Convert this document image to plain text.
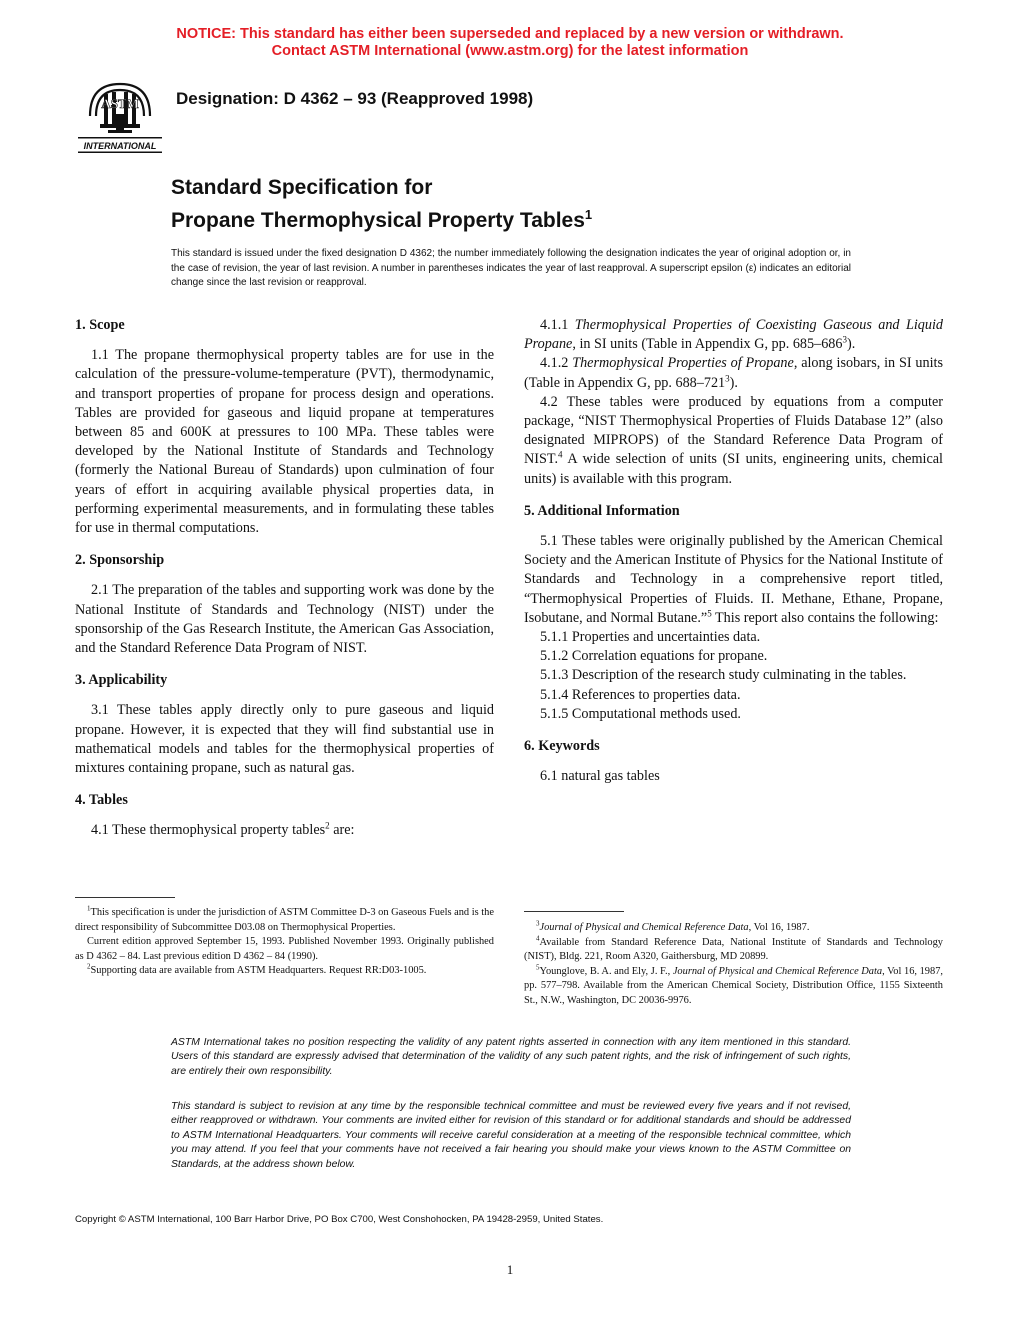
NOTICE: This standard has either been superseded and replaced by a new version or withdrawn.
Contact ASTM International (www.astm.org) for the latest information
ASTM
INTERNATIONAL
Designation: D 4362 – 93 (Reapproved 1998)
Standard Specification for
Propane Thermophysical Property Tables$^1$
This standard is issued under the fixed designation D 4362; the number immediately following the designation indicates the year of original adoption or, in the case of revision, the year of last revision. A number in parentheses indicates the year of last reapproval. A superscript epsilon (ε) indicates an editorial change since the last revision or reapproval.
1. Scope

1.1 The propane thermophysical property tables are for use in the calculation of the pressure-volume-temperature (PVT), thermodynamic, and transport properties of propane for process design and operations. Tables are provided for gaseous and liquid propane at temperatures between 85 and 600K at pressures to 100 MPa. These tables were developed by the National Institute of Standards and Technology (formerly the National Bureau of Standards) upon culmination of four years of effort in acquiring available physical properties data, in performing experimental measurements, and in formulating these tables for use in thermal computations.

2. Sponsorship

2.1 The preparation of the tables and supporting work was done by the National Institute of Standards and Technology (NIST) under the sponsorship of the Gas Research Institute, the American Gas Association, and the Standard Reference Data Program of NIST.

3. Applicability

3.1 These tables apply directly only to pure gaseous and liquid propane. However, it is expected that they will find substantial use in mathematical models and tables for the thermophysical properties of mixtures containing propane, such as natural gas.

4. Tables

4.1 These thermophysical property tables$^2$ are:

4.1.1 Thermophysical Properties of Coexisting Gaseous and Liquid Propane, in SI units (Table in Appendix G, pp. $685-686^3$).

4.1.2 Thermophysical Properties of Propane, along isobars, in SI units (Table in Appendix G, pp. $688-721^3$).

4.2 These tables were produced by equations from a computer package, “NIST Thermophysical Properties of Fluids Database 12” (also designated MIPROPS) of the Standard Reference Data Program of NIST.$^4$ A wide selection of units (SI units, engineering units, chemical units) is available with this program.

5. Additional Information

5.1 These tables were originally published by the American Chemical Society and the American Institute of Physics for the National Institute of Standards and Technology in a comprehensive report titled, “Thermophysical Properties of Fluids. II. Methane, Ethane, Propane, Isobutane, and Normal Butane.”$^5$ This report also contains the following:

5.1.1 Properties and uncertainties data.

5.1.2 Correlation equations for propane.

5.1.3 Description of the research study culminating in the tables.

5.1.4 References to properties data.

5.1.5 Computational methods used.

6. Keywords

6.1 natural gas tables

$^1$This specification is under the jurisdiction of ASTM Committee D-3 on Gaseous Fuels and is the direct responsibility of Subcommittee D03.08 on Thermophysical Properties.

Current edition approved September 15, 1993. Published November 1993. Originally published as D 4362 – 84. Last previous edition D 4362 – 84 (1990).

$^2$Supporting data are available from ASTM Headquarters. Request RR:D03-1005.

$^3$Journal of Physical and Chemical Reference Data, Vol 16, 1987.

$^4$Available from Standard Reference Data, National Institute of Standards and Technology (NIST), Bldg. 221, Room A320, Gaithersburg, MD 20899.

$^5$Younglove, B. A. and Ely, J. F., Journal of Physical and Chemical Reference Data, Vol 16, 1987, pp. 577–798. Available from the American Chemical Society, Distribution Office, 1155 Sixteenth St., N.W., Washington, DC 20036-9976.

ASTM International takes no position respecting the validity of any patent rights asserted in connection with any item mentioned in this standard. Users of this standard are expressly advised that determination of the validity of any such patent rights, and the risk of infringement of such rights, are entirely their own responsibility.
This standard is subject to revision at any time by the responsible technical committee and must be reviewed every five years and if not revised, either reapproved or withdrawn. Your comments are invited either for revision of this standard or for additional standards and should be addressed to ASTM International Headquarters. Your comments will receive careful consideration at a meeting of the responsible technical committee, which you may attend. If you feel that your comments have not received a fair hearing you should make your views known to the ASTM Committee on Standards, at the address shown below.
Copyright © ASTM International, 100 Barr Harbor Drive, PO Box C700, West Conshohocken, PA 19428-2959, United States.
1
